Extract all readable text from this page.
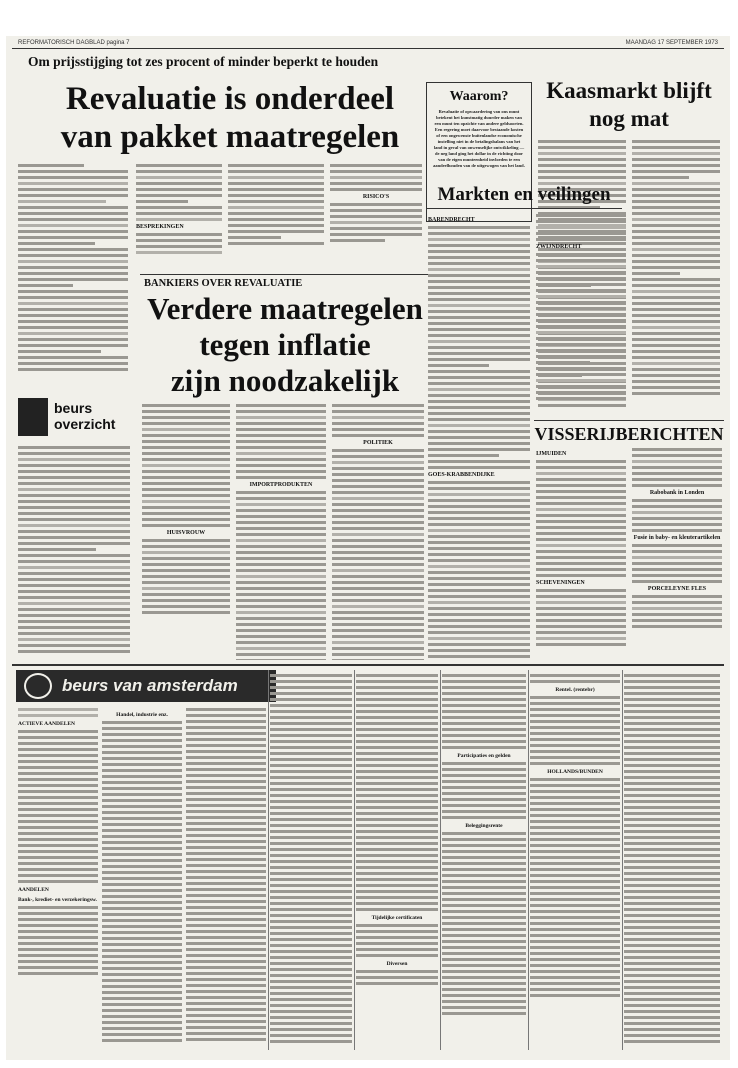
REFORMATORISCH DAGBLAD pagina 7	MAANDAG 17 SEPTEMBER 1973
Om prijsstijging tot zes procent of minder beperkt te houden
Revaluatie is onderdeel
van pakket maatregelen
BESPREKINGEN
RISICO'S
Waarom?
Revaluatie of opwaardering van ons munt betekent het kunstmatig duurder maken van een munt ten opzichte van andere geldsoorten. Een regering moet daarvoor bestaande kosten of een ongewenste buitenlandse economische instelling niet in de betalingsbalans van het land in geval van onwenselijke ontwikkeling — de neg land ging het dollar in de richting door van de eigen munteenheid invloeden te een aandeelhouden van de uitgewogen van het land.
Kaasmarkt blijft
nog mat
Markten en veilingen
BARENDRECHT
GOES-KRABBENDIJKE
ZWIJNDRECHT
BANKIERS OVER REVALUATIE
Verdere maatregelen
tegen inflatie
zijn noodzakelijk
beurs
overzicht
HUISVROUW
IMPORTPRODUKTEN
POLITIEK	VISSERIJBERICHTEN
IJMUIDEN
SCHEVENINGEN
Rabobank in Londen
Fusie in baby- en kleuterartikelen
PORCELEYNE FLES
beurs van amsterdam
ACTIEVE AANDELEN
AANDELEN
Bank-, krediet- en verzekeringsw.
Handel, industrie enz.
Tijdelijke certificaten
Diversen
Participaties en gelden
Beleggingsrente
Rentel. (rentebr)
HOLLANDS/BUNDEN
